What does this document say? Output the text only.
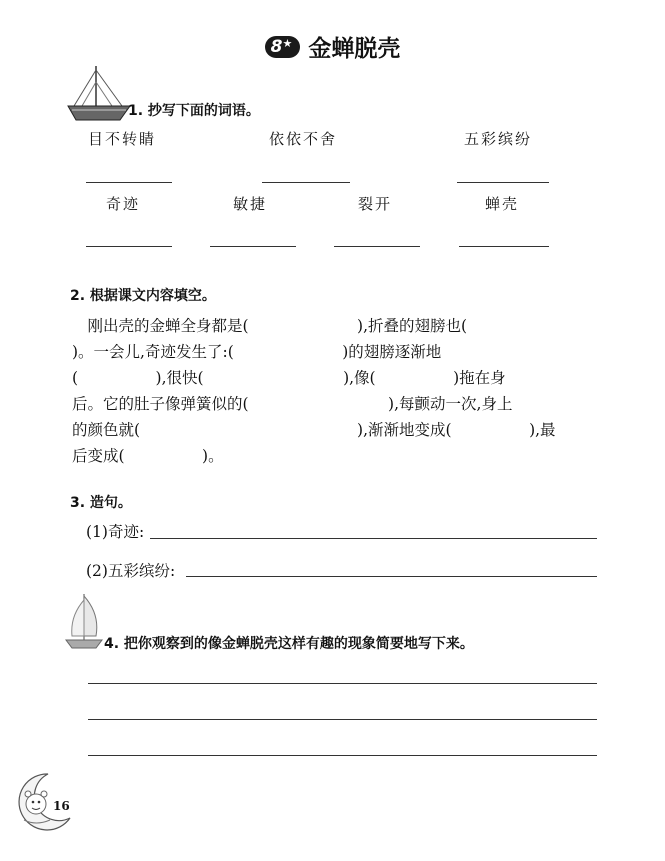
8★ 金蝉脱壳
1. 抄写下面的词语。
目不转睛	依依不舍	五彩缤纷
奇迹	敏捷	裂开	蝉壳
2. 根据课文内容填空。

　刚出壳的金蝉全身都是(　　　　　　　),折叠的翅膀也(

)。一会儿,奇迹发生了:(　　　　　　　)的翅膀逐渐地

(　　　　　),很快(　　　　　　　　　),像(　　　　　)拖在身

后。它的肚子像弹簧似的(　　　　　　　　　),每颤动一次,身上

的颜色就(　　　　　　　　　　　　　　),渐渐地变成(　　　　　),最

后变成(　　　　　)。

3. 造句。
(1)奇迹:
(2)五彩缤纷:
4. 把你观察到的像金蝉脱壳这样有趣的现象简要地写下来。
16
